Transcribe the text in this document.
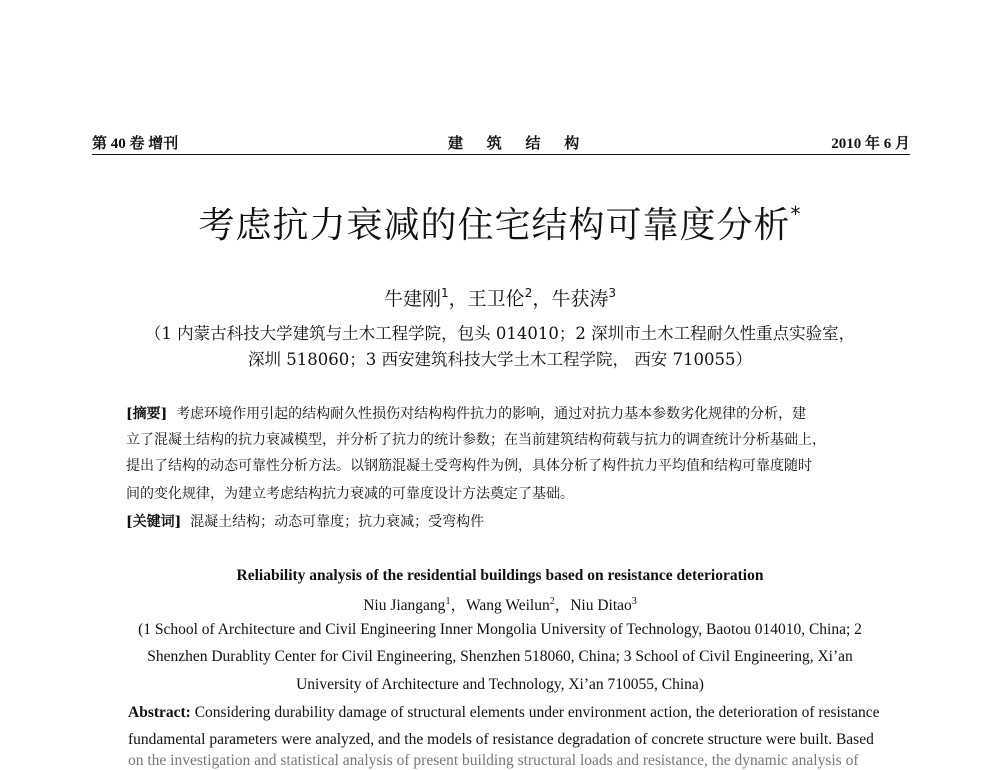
第 40 卷 增刊	建 筑 结 构	2010 年 6 月
考虑抗力衰减的住宅结构可靠度分析*
牛建刚$^1$，王卫伦$^2$，牛获涛$^3$
（1 内蒙古科技大学建筑与土木工程学院，包头 014010；2 深圳市土木工程耐久性重点实验室，
深圳 518060；3 西安建筑科技大学土木工程学院， 西安 710055）
[摘要] 考虑环境作用引起的结构耐久性损伤对结构构件抗力的影响，通过对抗力基本参数劣化规律的分析，建
立了混凝土结构的抗力衰减模型，并分析了抗力的统计参数；在当前建筑结构荷载与抗力的调查统计分析基础上，
提出了结构的动态可靠性分析方法。以钢筋混凝土受弯构件为例，具体分析了构件抗力平均值和结构可靠度随时
间的变化规律，为建立考虑结构抗力衰减的可靠度设计方法奠定了基础。
[关键词] 混凝土结构；动态可靠度；抗力衰减；受弯构件
Reliability analysis of the residential buildings based on resistance deterioration
Niu Jiangang$^1$，Wang Weilun$^2$，Niu Ditao$^3$
(1 School of Architecture and Civil Engineering Inner Mongolia University of Technology, Baotou 014010, China; 2
Shenzhen Durablity Center for Civil Engineering, Shenzhen 518060, China; 3 School of Civil Engineering, Xi’an
University of Architecture and Technology, Xi’an 710055, China)
Abstract: Considering durability damage of structural elements under environment action, the deterioration of resistance
fundamental parameters were analyzed, and the models of resistance degradation of concrete structure were built. Based
on the investigation and statistical analysis of present building structural loads and resistance, the dynamic analysis of
